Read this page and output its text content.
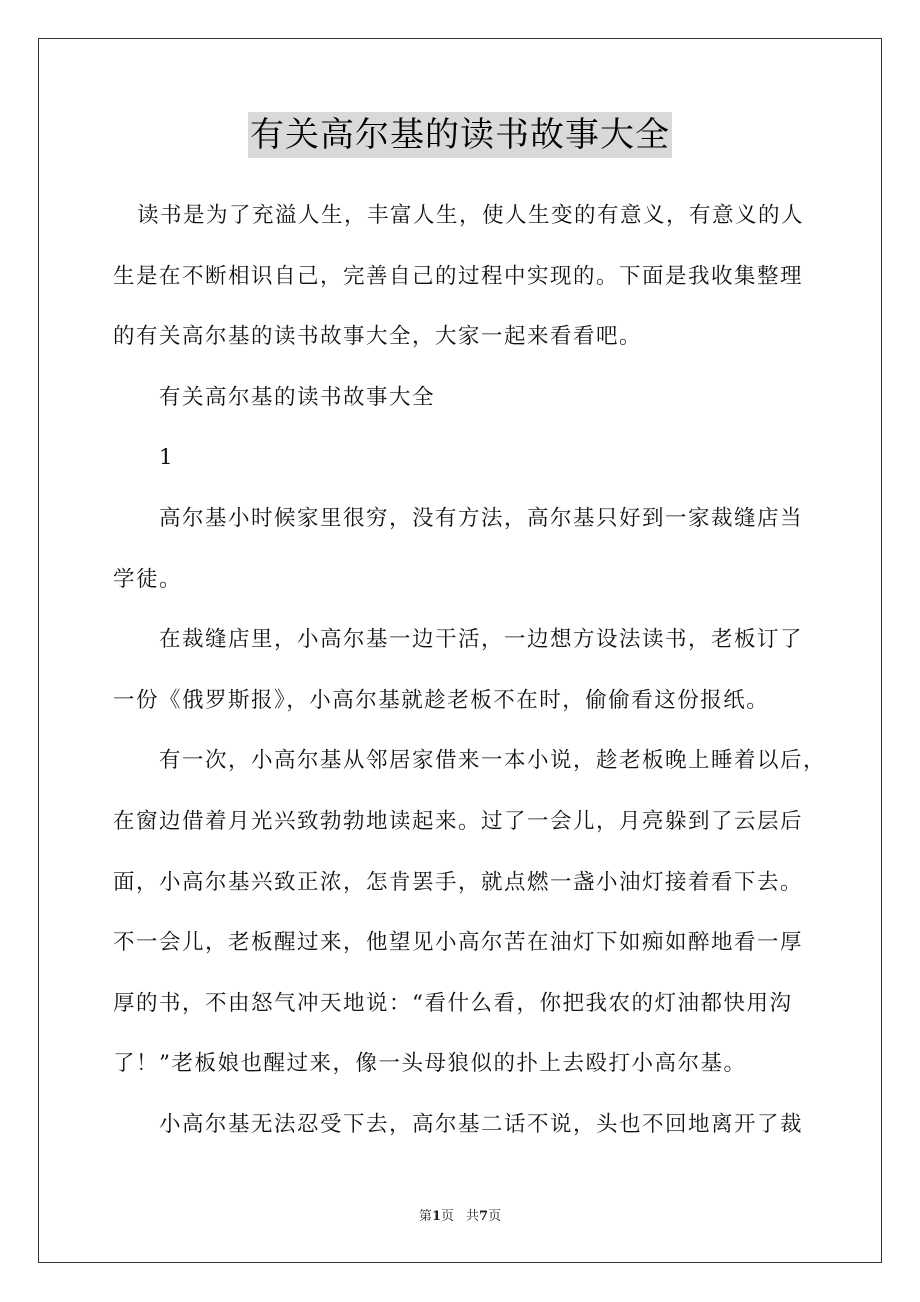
有关高尔基的读书故事大全
读书是为了充溢人生，丰富人生，使人生变的有意义，有意义的人
生是在不断相识自己，完善自己的过程中实现的。下面是我收集整理
的有关高尔基的读书故事大全，大家一起来看看吧。
有关高尔基的读书故事大全
1
高尔基小时候家里很穷，没有方法，高尔基只好到一家裁缝店当
学徒。
在裁缝店里，小高尔基一边干活，一边想方设法读书，老板订了
一份《俄罗斯报》，小高尔基就趁老板不在时，偷偷看这份报纸。
有一次，小高尔基从邻居家借来一本小说，趁老板晚上睡着以后，
在窗边借着月光兴致勃勃地读起来。过了一会儿，月亮躲到了云层后
面，小高尔基兴致正浓，怎肯罢手，就点燃一盏小油灯接着看下去。
不一会儿，老板醒过来，他望见小高尔苦在油灯下如痴如醉地看一厚
厚的书，不由怒气冲天地说：“看什么看，你把我农的灯油都快用沟
了！”老板娘也醒过来，像一头母狼似的扑上去殴打小高尔基。
小高尔基无法忍受下去，高尔基二话不说，头也不回地离开了裁
第1页 共7页
